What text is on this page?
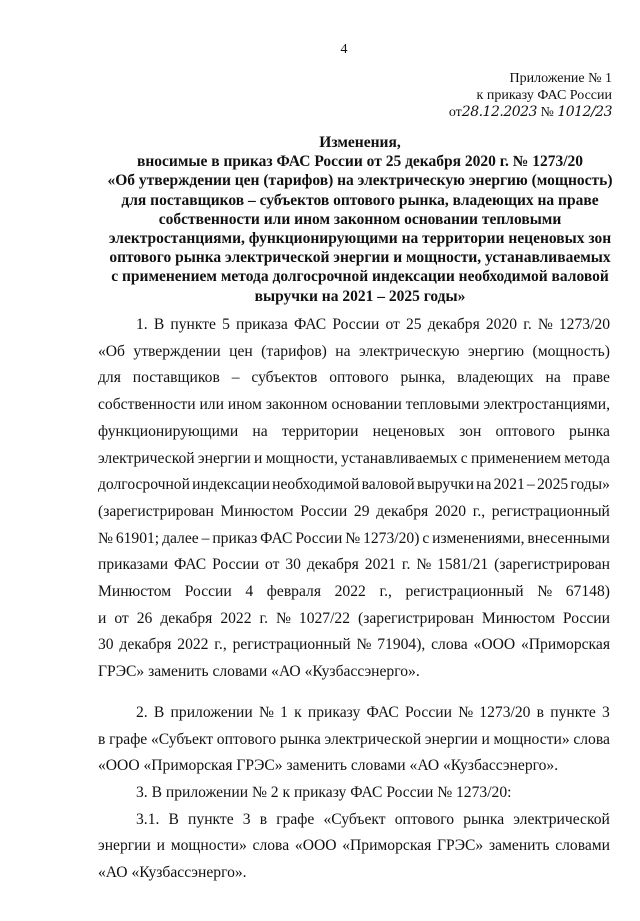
4
Приложение № 1
к приказу ФАС России
от28.12.2023 № 1012/23
Изменения,
вносимые в приказ ФАС России от 25 декабря 2020 г. № 1273/20
«Об утверждении цен (тарифов) на электрическую энергию (мощность)
для поставщиков – субъектов оптового рынка, владеющих на праве
собственности или ином законном основании тепловыми
электростанциями, функционирующими на территории неценовых зон
оптового рынка электрической энергии и мощности, устанавливаемых
с применением метода долгосрочной индексации необходимой валовой
выручки на 2021 – 2025 годы»
1. В пункте 5 приказа ФАС России от 25 декабря 2020 г. № 1273/20
«Об утверждении цен (тарифов) на электрическую энергию (мощность)
для поставщиков – субъектов оптового рынка, владеющих на праве
собственности или ином законном основании тепловыми электростанциями,
функционирующими на территории неценовых зон оптового рынка
электрической энергии и мощности, устанавливаемых с применением метода
долгосрочной индексации необходимой валовой выручки на 2021 – 2025 годы»
(зарегистрирован Минюстом России 29 декабря 2020 г., регистрационный
№ 61901; далее – приказ ФАС России № 1273/20) с изменениями, внесенными
приказами ФАС России от 30 декабря 2021 г. № 1581/21 (зарегистрирован
Минюстом России 4 февраля 2022 г., регистрационный № 67148)
и от 26 декабря 2022 г. № 1027/22 (зарегистрирован Минюстом России
30 декабря 2022 г., регистрационный № 71904), слова «ООО «Приморская
ГРЭС» заменить словами «АО «Кузбассэнерго».
2. В приложении № 1 к приказу ФАС России № 1273/20 в пункте 3
в графе «Субъект оптового рынка электрической энергии и мощности» слова
«ООО «Приморская ГРЭС» заменить словами «АО «Кузбассэнерго».
3. В приложении № 2 к приказу ФАС России № 1273/20:
3.1. В пункте 3 в графе «Субъект оптового рынка электрической
энергии и мощности» слова «ООО «Приморская ГРЭС» заменить словами
«АО «Кузбассэнерго».
